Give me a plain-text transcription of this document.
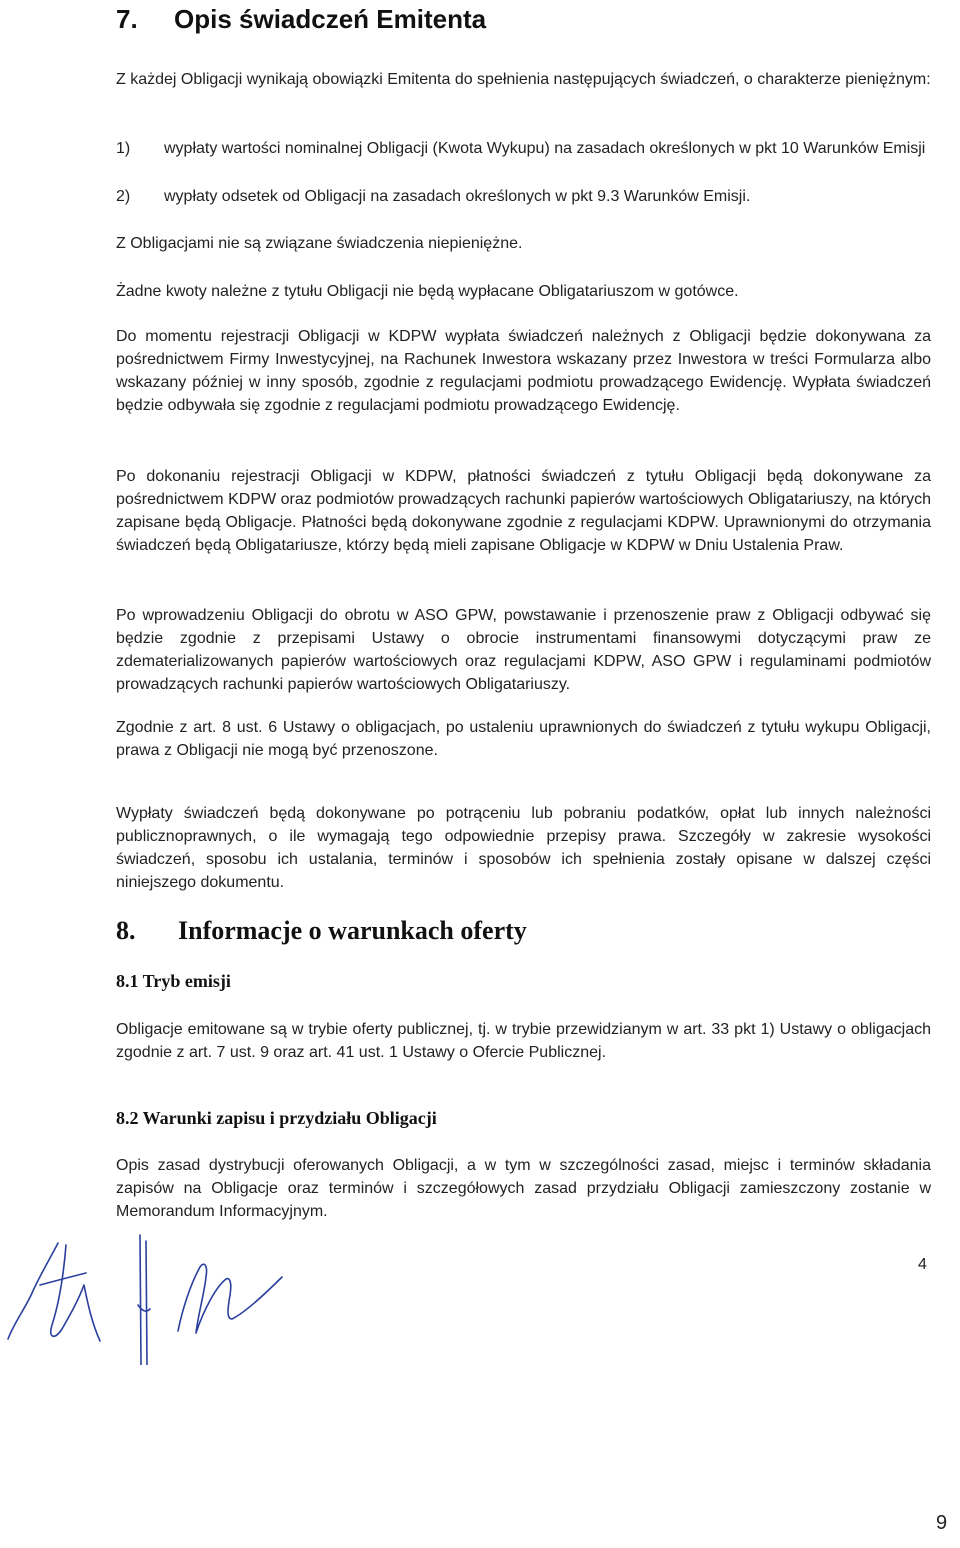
7. Opis świadczeń Emitenta
Z każdej Obligacji wynikają obowiązki Emitenta do spełnienia następujących świadczeń, o charakterze pieniężnym:
1) wypłaty wartości nominalnej Obligacji (Kwota Wykupu) na zasadach określonych w pkt 10 Warunków Emisji
2) wypłaty odsetek od Obligacji na zasadach określonych w pkt 9.3 Warunków Emisji.
Z Obligacjami nie są związane świadczenia niepieniężne.
Żadne kwoty należne z tytułu Obligacji nie będą wypłacane Obligatariuszom w gotówce.
Do momentu rejestracji Obligacji w KDPW wypłata świadczeń należnych z Obligacji będzie dokonywana za pośrednictwem Firmy Inwestycyjnej, na Rachunek Inwestora wskazany przez Inwestora w treści Formularza albo wskazany później w inny sposób, zgodnie z regulacjami podmiotu prowadzącego Ewidencję. Wypłata świadczeń będzie odbywała się zgodnie z regulacjami podmiotu prowadzącego Ewidencję.
Po dokonaniu rejestracji Obligacji w KDPW, płatności świadczeń z tytułu Obligacji będą dokonywane za pośrednictwem KDPW oraz podmiotów prowadzących rachunki papierów wartościowych Obligatariuszy, na których zapisane będą Obligacje. Płatności będą dokonywane zgodnie z regulacjami KDPW. Uprawnionymi do otrzymania świadczeń będą Obligatariusze, którzy będą mieli zapisane Obligacje w KDPW w Dniu Ustalenia Praw.
Po wprowadzeniu Obligacji do obrotu w ASO GPW, powstawanie i przenoszenie praw z Obligacji odbywać się będzie zgodnie z przepisami Ustawy o obrocie instrumentami finansowymi dotyczącymi praw ze zdematerializowanych papierów wartościowych oraz regulacjami KDPW, ASO GPW i regulaminami podmiotów prowadzących rachunki papierów wartościowych Obligatariuszy.
Zgodnie z art. 8 ust. 6 Ustawy o obligacjach, po ustaleniu uprawnionych do świadczeń z tytułu wykupu Obligacji, prawa z Obligacji nie mogą być przenoszone.
Wypłaty świadczeń będą dokonywane po potrąceniu lub pobraniu podatków, opłat lub innych należności publicznoprawnych, o ile wymagają tego odpowiednie przepisy prawa. Szczegóły w zakresie wysokości świadczeń, sposobu ich ustalania, terminów i sposobów ich spełnienia zostały opisane w dalszej części niniejszego dokumentu.
8. Informacje o warunkach oferty
8.1 Tryb emisji
Obligacje emitowane są w trybie oferty publicznej, tj. w trybie przewidzianym w art. 33 pkt 1) Ustawy o obligacjach zgodnie z art. 7 ust. 9 oraz art. 41 ust. 1 Ustawy o Ofercie Publicznej.
8.2 Warunki zapisu i przydziału Obligacji
Opis zasad dystrybucji oferowanych Obligacji, a w tym w szczególności zasad, miejsc i terminów składania zapisów na Obligacje oraz terminów i szczegółowych zasad przydziału Obligacji zamieszczony zostanie w Memorandum Informacyjnym.
4
9
